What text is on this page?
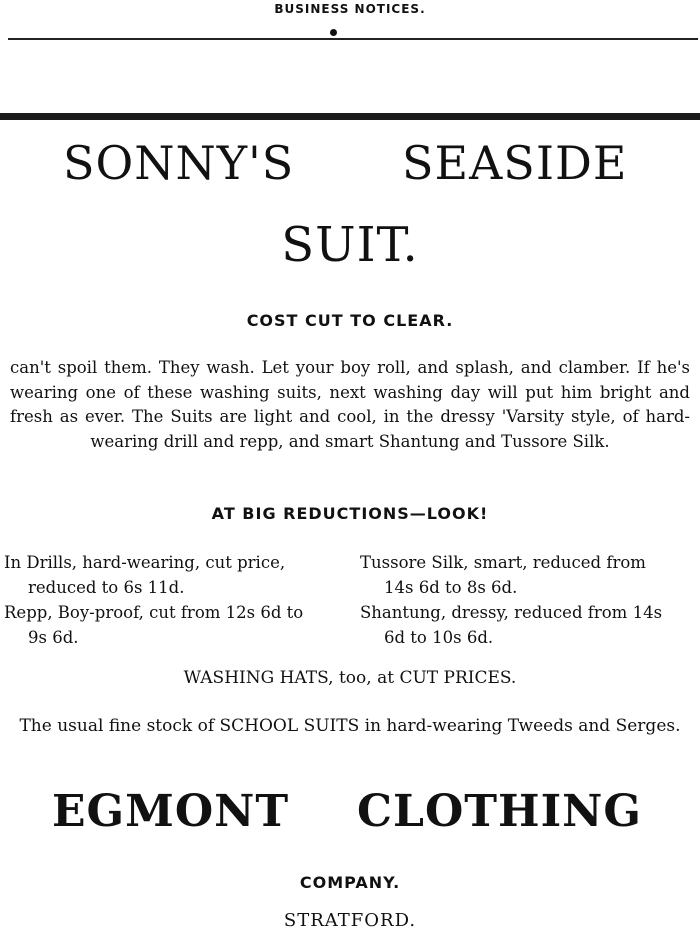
BUSINESS NOTICES.
SONNY'S SEASIDE
SUIT.
COST CUT TO CLEAR.
can't spoil them. They wash. Let your boy roll, and splash, and clamber. If he's wearing one of these washing suits, next washing day will put him bright and fresh as ever. The Suits are light and cool, in the dressy 'Varsity style, of hard-wearing drill and repp, and smart Shantung and Tussore Silk.
AT BIG REDUCTIONS—LOOK!
In Drills, hard-wearing, cut price,
reduced to 6s 11d.
Repp, Boy-proof, cut from 12s 6d to
9s 6d.
Tussore Silk, smart, reduced from
14s 6d to 8s 6d.
Shantung, dressy, reduced from 14s
6d to 10s 6d.
WASHING HATS, too, at CUT PRICES.
The usual fine stock of SCHOOL SUITS in hard-wearing Tweeds and Serges.
EGMONT CLOTHING
COMPANY.
STRATFORD.
